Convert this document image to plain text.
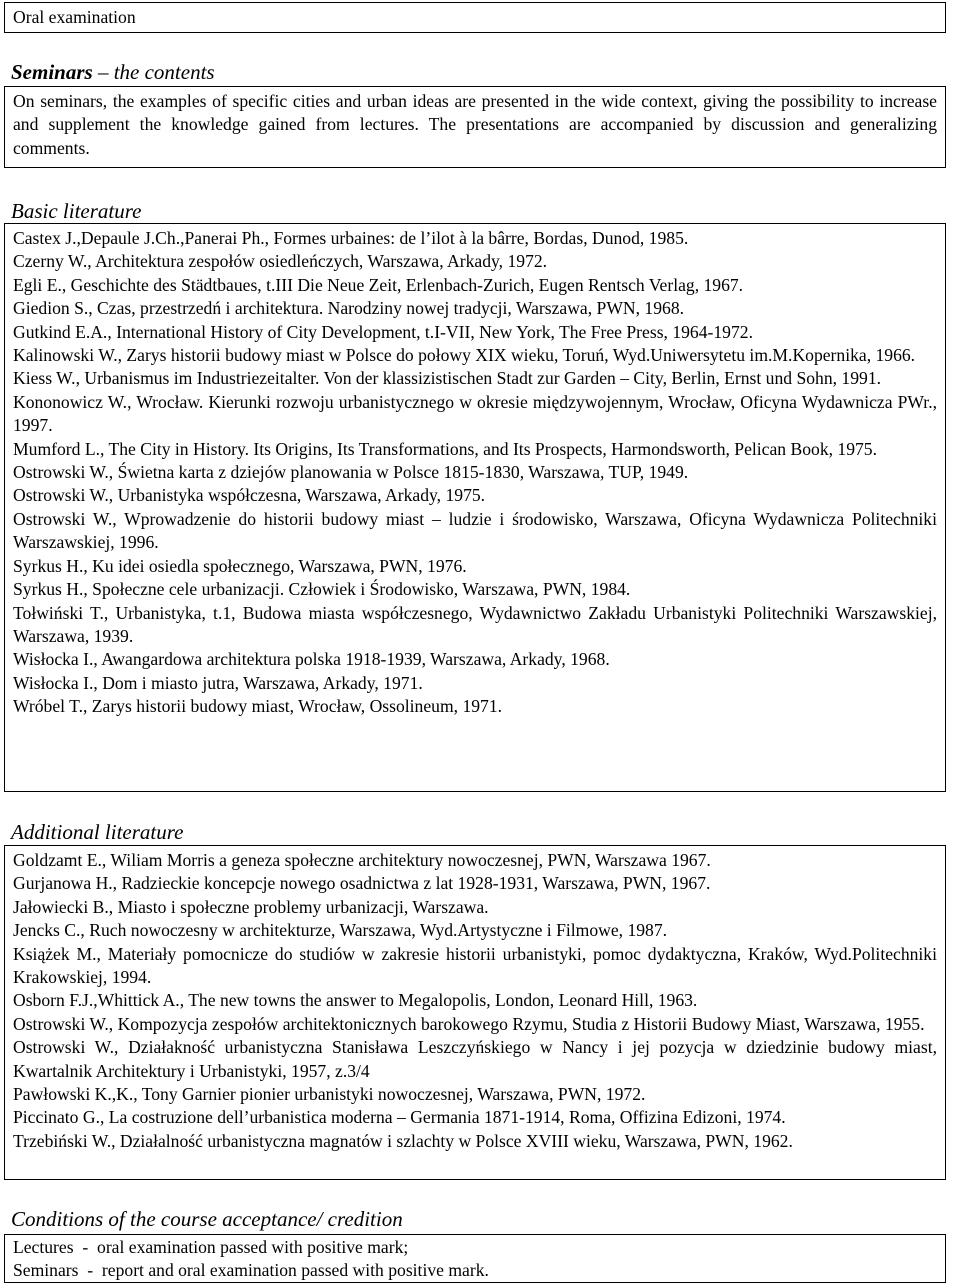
Oral examination
Seminars – the contents
On seminars, the examples of specific cities and urban ideas are presented in the wide context, giving the possibility to increase and supplement the knowledge gained from lectures. The presentations are accompanied by discussion and generalizing comments.
Basic literature
Castex J.,Depaule J.Ch.,Panerai Ph., Formes urbaines: de l’ilot à la bârre, Bordas, Dunod, 1985.
Czerny W., Architektura zespołów osiedleńczych, Warszawa, Arkady, 1972.
Egli E., Geschichte des Städtbaues, t.III Die Neue Zeit, Erlenbach-Zurich, Eugen Rentsch Verlag, 1967.
Giedion S., Czas, przestrzedń i architektura. Narodziny nowej tradycji, Warszawa, PWN, 1968.
Gutkind E.A., International History of City Development, t.I-VII, New York, The Free Press, 1964-1972.
Kalinowski W., Zarys historii budowy miast w Polsce do połowy XIX wieku, Toruń, Wyd.Uniwersytetu im.M.Kopernika, 1966.
Kiess W., Urbanismus im Industriezeitalter. Von der klassizistischen Stadt zur Garden – City, Berlin, Ernst und Sohn, 1991.
Kononowicz W., Wrocław. Kierunki rozwoju urbanistycznego w okresie międzywojennym, Wrocław, Oficyna Wydawnicza PWr., 1997.
Mumford L., The City in History. Its Origins, Its Transformations, and Its Prospects, Harmondsworth, Pelican Book, 1975.
Ostrowski W., Świetna karta z dziejów planowania w Polsce 1815-1830, Warszawa, TUP, 1949.
Ostrowski W., Urbanistyka współczesna, Warszawa, Arkady, 1975.
Ostrowski W., Wprowadzenie do historii budowy miast – ludzie i środowisko, Warszawa, Oficyna Wydawnicza Politechniki Warszawskiej, 1996.
Syrkus H., Ku idei osiedla społecznego, Warszawa, PWN, 1976.
Syrkus H., Społeczne cele urbanizacji. Człowiek i Środowisko, Warszawa, PWN, 1984.
Tołwiński T., Urbanistyka, t.1, Budowa miasta współczesnego, Wydawnictwo Zakładu Urbanistyki Politechniki Warszawskiej, Warszawa, 1939.
Wisłocka I., Awangardowa architektura polska 1918-1939, Warszawa, Arkady, 1968.
Wisłocka I., Dom i miasto jutra, Warszawa, Arkady, 1971.
Wróbel T., Zarys historii budowy miast, Wrocław, Ossolineum, 1971.
Additional literature
Goldzamt E., Wiliam Morris a geneza społeczne architektury nowoczesnej, PWN, Warszawa 1967.
Gurjanowa H., Radzieckie koncepcje nowego osadnictwa z lat 1928-1931, Warszawa, PWN, 1967.
Jałowiecki B., Miasto i społeczne problemy urbanizacji, Warszawa.
Jencks C., Ruch nowoczesny w architekturze, Warszawa, Wyd.Artystyczne i Filmowe, 1987.
Książek M., Materiały pomocnicze do studiów w zakresie historii urbanistyki, pomoc dydaktyczna, Kraków, Wyd.Politechniki Krakowskiej, 1994.
Osborn F.J.,Whittick A., The new towns the answer to Megalopolis, London, Leonard Hill, 1963.
Ostrowski W., Kompozycja zespołów architektonicznych barokowego Rzymu, Studia z Historii Budowy Miast, Warszawa, 1955.
Ostrowski W., Działakność urbanistyczna Stanisława Leszczyńskiego w Nancy i jej pozycja w dziedzinie budowy miast, Kwartalnik Architektury i Urbanistyki, 1957, z.3/4
Pawłowski K.,K., Tony Garnier pionier urbanistyki nowoczesnej, Warszawa, PWN, 1972.
Piccinato G., La costruzione dell’urbanistica moderna – Germania 1871-1914, Roma, Offizina Edizoni, 1974.
Trzebiński W., Działalność urbanistyczna magnatów i szlachty w Polsce XVIII wieku, Warszawa, PWN, 1962.
Conditions of the course acceptance/ credition
Lectures  -  oral examination passed with positive mark;
Seminars  -  report and oral examination passed with positive mark.
